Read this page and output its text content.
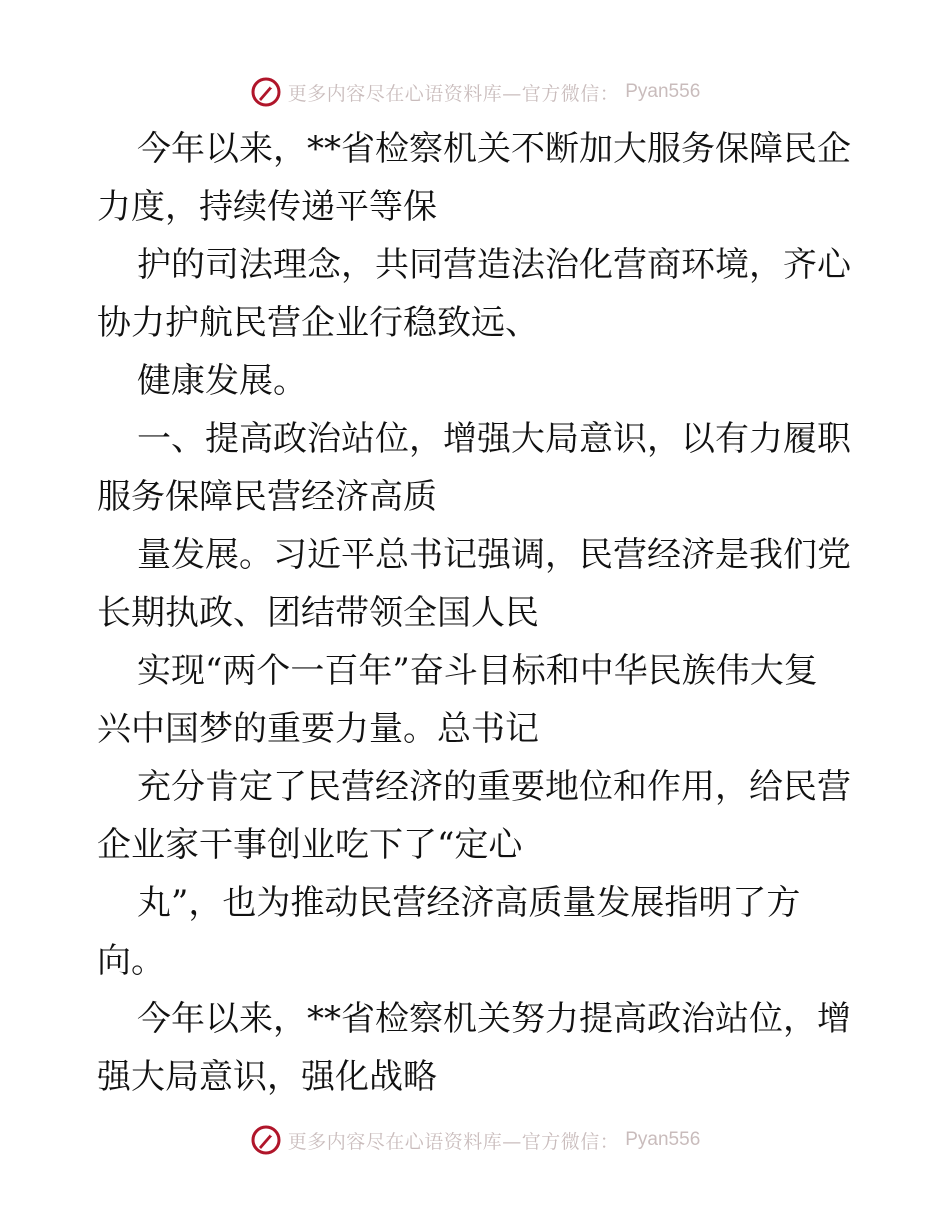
更多内容尽在心语资料库—官方微信： Pyan556
今年以来，**省检察机关不断加大服务保障民企
力度，持续传递平等保
护的司法理念，共同营造法治化营商环境，齐心
协力护航民营企业行稳致远、
健康发展。
一、提高政治站位，增强大局意识，以有力履职
服务保障民营经济高质
量发展。习近平总书记强调，民营经济是我们党
长期执政、团结带领全国人民
实现“两个一百年”奋斗目标和中华民族伟大复
兴中国梦的重要力量。总书记
充分肯定了民营经济的重要地位和作用，给民营
企业家干事创业吃下了“定心
丸”，也为推动民营经济高质量发展指明了方
向。
今年以来，**省检察机关努力提高政治站位，增
强大局意识，强化战略
更多内容尽在心语资料库—官方微信： Pyan556
